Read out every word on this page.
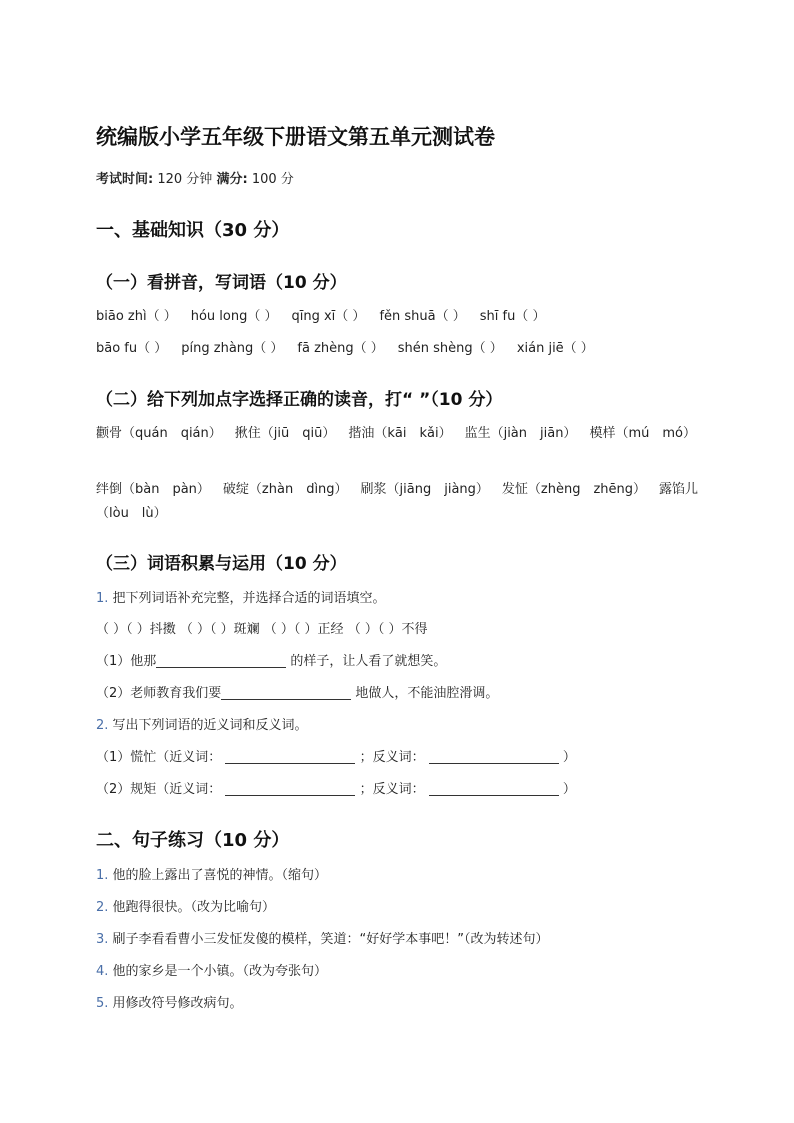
统编版小学五年级下册语文第五单元测试卷
考试时间: 120 分钟 满分: 100 分
一、基础知识（30 分）
（一）看拼音，写词语（10 分）
biāo zhì（ ） hóu long（ ） qīng xī（ ） fěn shuā（ ） shī fu（ ）
bāo fu（ ） píng zhàng（ ） fā zhèng（ ） shén shèng（ ） xián jiē（ ）
（二）给下列加点字选择正确的读音，打“ ”（10 分）
颧骨（quán　qián） 揪住（jiū　qiū） 揩油（kāi　kǎi） 监生（jiàn　jiān） 模样（mú　mó）
绊倒（bàn　pàn） 破绽（zhàn　dìng） 刷浆（jiāng　jiàng） 发怔（zhèng　zhēng） 露馅儿（lòu　lù）
（三）词语积累与运用（10 分）
1. 把下列词语补充完整，并选择合适的词语填空。
（ ）（ ）抖擞 （ ）（ ）斑斓 （ ）（ ）正经 （ ）（ ）不得
（1）他那	的样子，让人看了就想笑。
（2）老师教育我们要	地做人，不能油腔滑调。
2. 写出下列词语的近义词和反义词。
（1）慌忙（近义词：	；反义词：	）
（2）规矩（近义词：	；反义词：	）
二、句子练习（10 分）
1. 他的脸上露出了喜悦的神情。（缩句）
2. 他跑得很快。（改为比喻句）
3. 刷子李看看曹小三发怔发傻的模样，笑道：“好好学本事吧！”（改为转述句）
4. 他的家乡是一个小镇。（改为夸张句）
5. 用修改符号修改病句。
